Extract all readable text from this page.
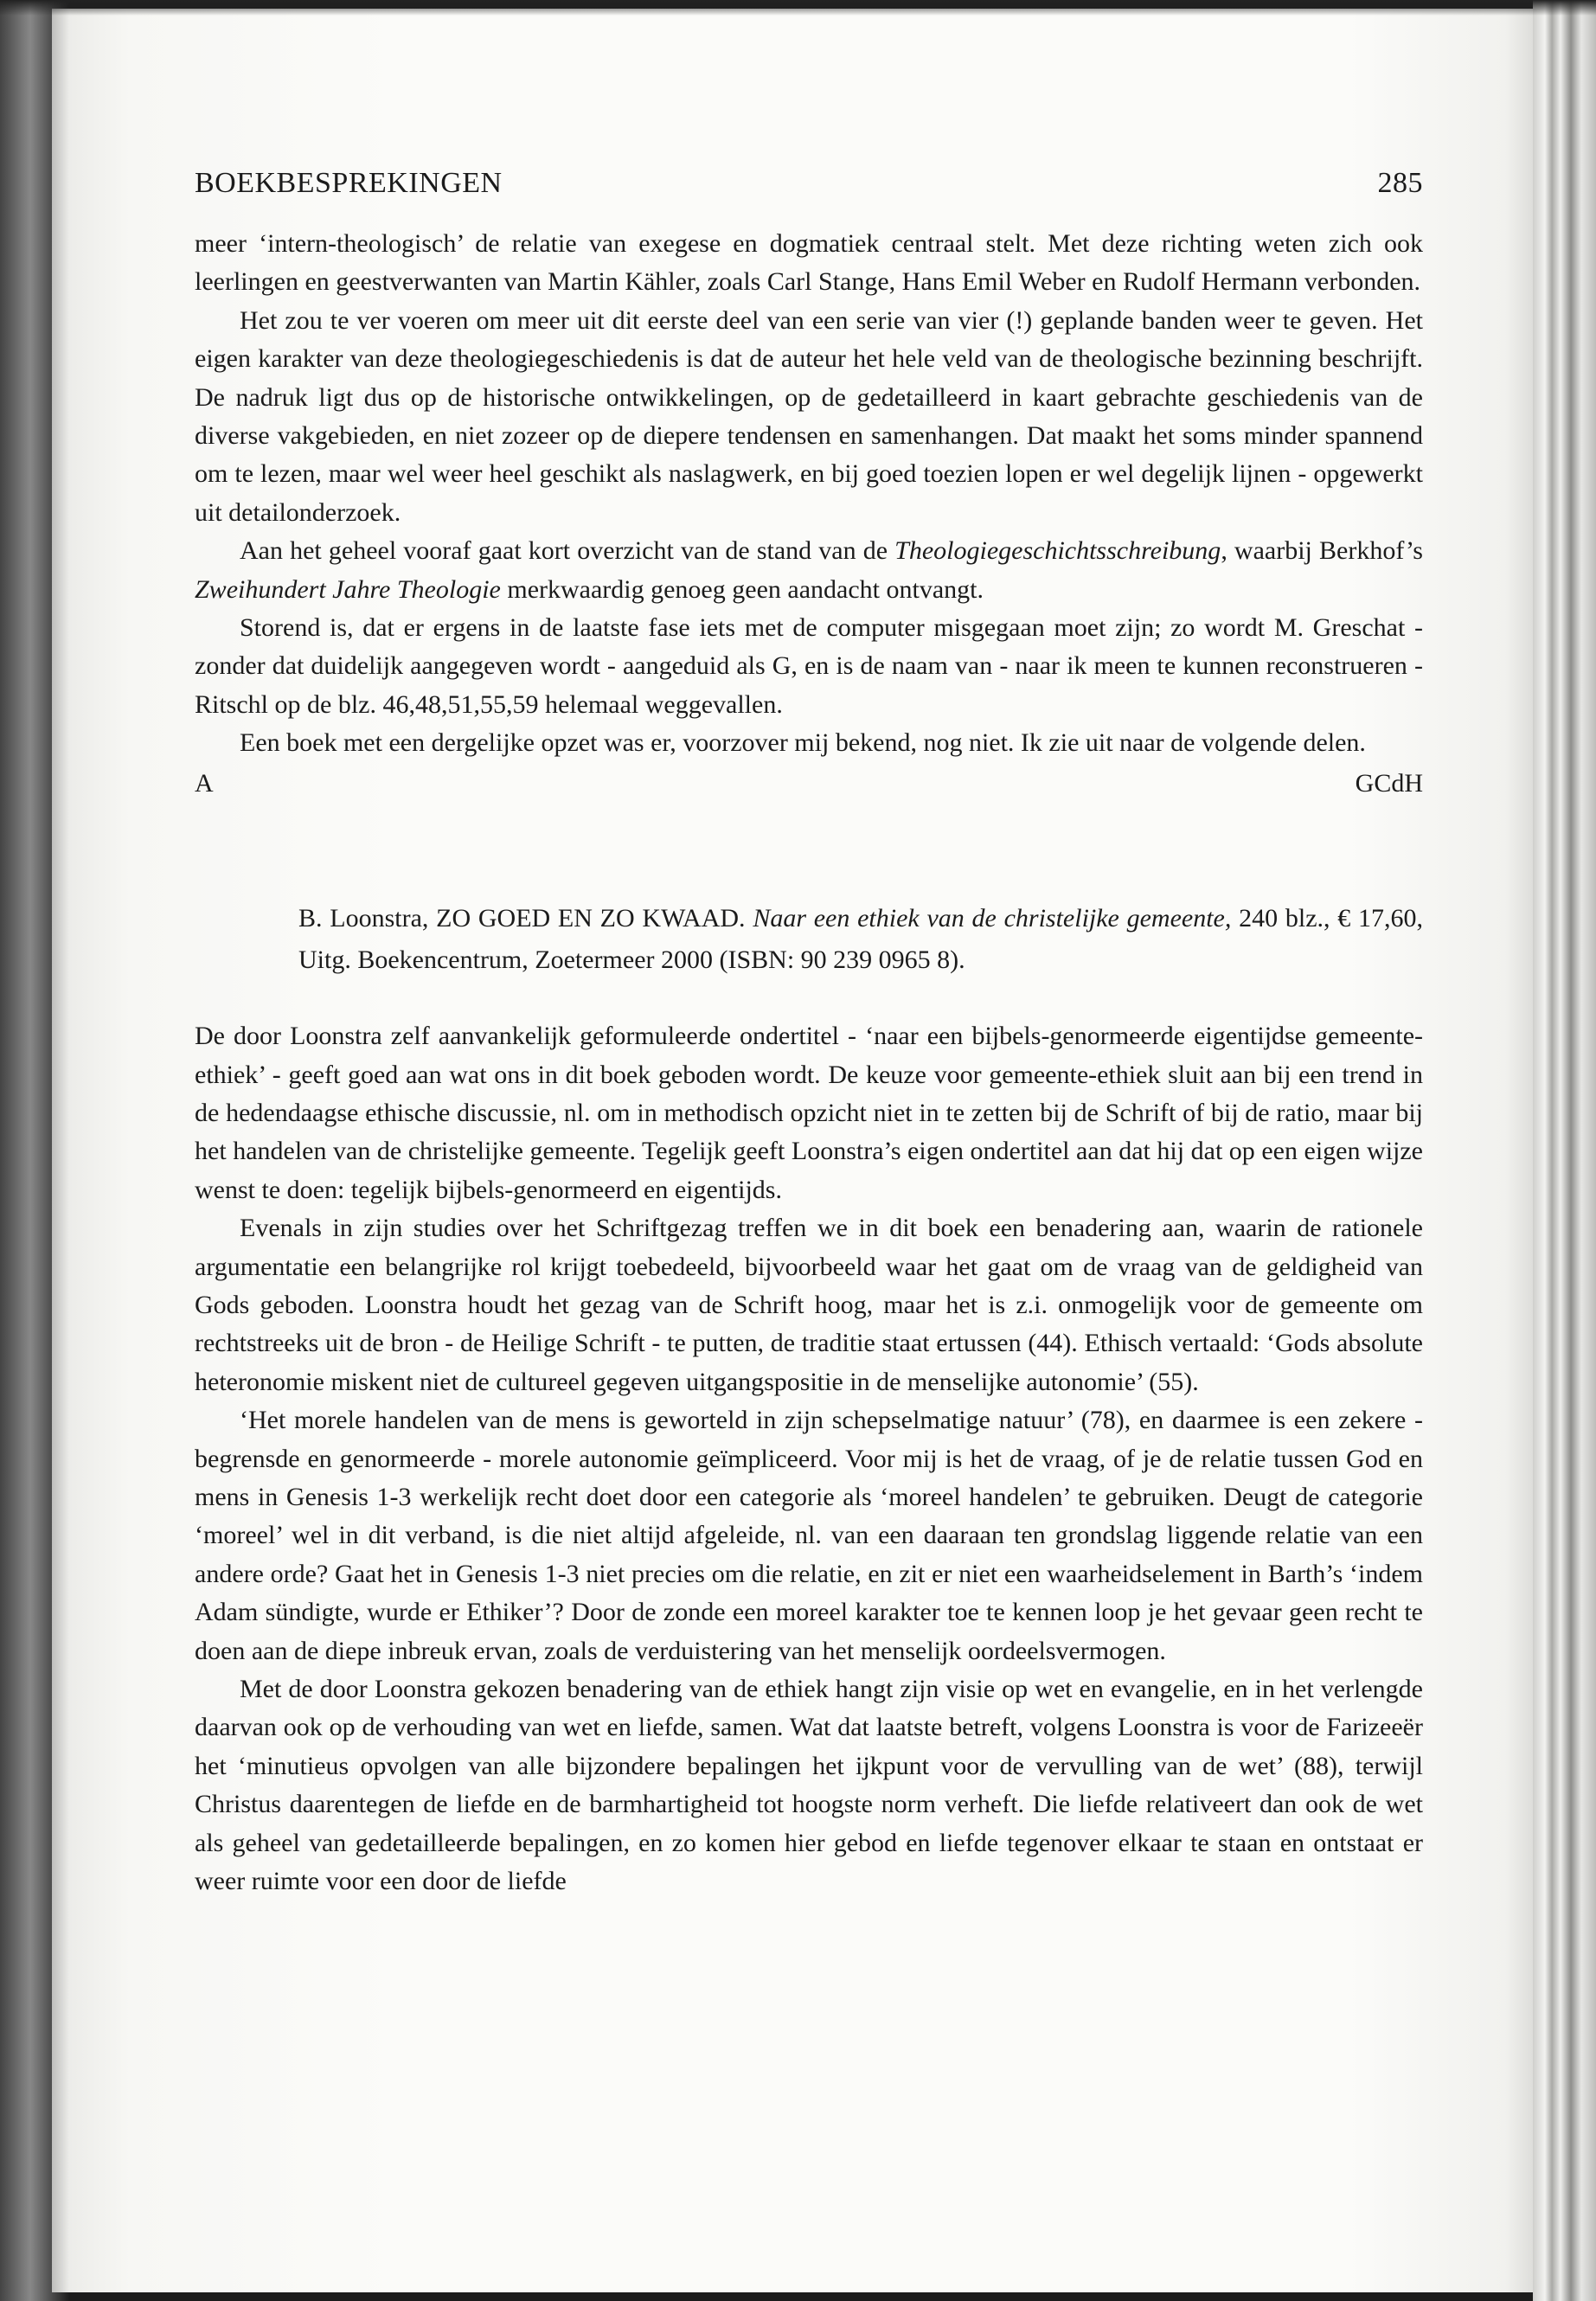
BOEKBESPREKINGEN	285

meer ‘intern-theologisch’ de relatie van exegese en dogmatiek centraal stelt. Met deze richting weten zich ook leerlingen en geestverwanten van Martin Kähler, zoals Carl Stange, Hans Emil Weber en Rudolf Hermann verbonden.

Het zou te ver voeren om meer uit dit eerste deel van een serie van vier (!) geplande banden weer te geven. Het eigen karakter van deze theologiegeschiedenis is dat de auteur het hele veld van de theologische bezinning beschrijft. De nadruk ligt dus op de historische ontwikkelingen, op de gedetailleerd in kaart gebrachte geschiedenis van de diverse vakgebieden, en niet zozeer op de diepere tendensen en samenhangen. Dat maakt het soms minder spannend om te lezen, maar wel weer heel geschikt als naslagwerk, en bij goed toezien lopen er wel degelijk lijnen - opgewerkt uit detailonderzoek.

Aan het geheel vooraf gaat kort overzicht van de stand van de Theologiegeschichtsschreibung, waarbij Berkhof’s Zweihundert Jahre Theologie merkwaardig genoeg geen aandacht ontvangt.

Storend is, dat er ergens in de laatste fase iets met de computer misgegaan moet zijn; zo wordt M. Greschat - zonder dat duidelijk aangegeven wordt - aangeduid als G, en is de naam van - naar ik meen te kunnen reconstrueren - Ritschl op de blz. 46,48,51,55,59 helemaal weggevallen.

Een boek met een dergelijke opzet was er, voorzover mij bekend, nog niet. Ik zie uit naar de volgende delen.

A	GCdH
B. Loonstra, ZO GOED EN ZO KWAAD. Naar een ethiek van de christelijke gemeente, 240 blz., € 17,60, Uitg. Boekencentrum, Zoetermeer 2000 (ISBN: 90 239 0965 8).

De door Loonstra zelf aanvankelijk geformuleerde ondertitel - ‘naar een bijbels-genormeerde eigentijdse gemeente-ethiek’ - geeft goed aan wat ons in dit boek geboden wordt. De keuze voor gemeente-ethiek sluit aan bij een trend in de hedendaagse ethische discussie, nl. om in methodisch opzicht niet in te zetten bij de Schrift of bij de ratio, maar bij het handelen van de christelijke gemeente. Tegelijk geeft Loonstra’s eigen ondertitel aan dat hij dat op een eigen wijze wenst te doen: tegelijk bijbels-genormeerd en eigentijds.

Evenals in zijn studies over het Schriftgezag treffen we in dit boek een benadering aan, waarin de rationele argumentatie een belangrijke rol krijgt toebedeeld, bijvoorbeeld waar het gaat om de vraag van de geldigheid van Gods geboden. Loonstra houdt het gezag van de Schrift hoog, maar het is z.i. onmogelijk voor de gemeente om rechtstreeks uit de bron - de Heilige Schrift - te putten, de traditie staat ertussen (44). Ethisch vertaald: ‘Gods absolute heteronomie miskent niet de cultureel gegeven uitgangspositie in de menselijke autonomie’ (55).

‘Het morele handelen van de mens is geworteld in zijn schepselmatige natuur’ (78), en daarmee is een zekere - begrensde en genormeerde - morele autonomie geïmpliceerd. Voor mij is het de vraag, of je de relatie tussen God en mens in Genesis 1-3 werkelijk recht doet door een categorie als ‘moreel handelen’ te gebruiken. Deugt de categorie ‘moreel’ wel in dit verband, is die niet altijd afgeleide, nl. van een daaraan ten grondslag liggende relatie van een andere orde? Gaat het in Genesis 1-3 niet precies om die relatie, en zit er niet een waarheidselement in Barth’s ‘indem Adam sündigte, wurde er Ethiker’? Door de zonde een moreel karakter toe te kennen loop je het gevaar geen recht te doen aan de diepe inbreuk ervan, zoals de verduistering van het menselijk oordeelsvermogen.

Met de door Loonstra gekozen benadering van de ethiek hangt zijn visie op wet en evangelie, en in het verlengde daarvan ook op de verhouding van wet en liefde, samen. Wat dat laatste betreft, volgens Loonstra is voor de Farizeeër het ‘minutieus opvolgen van alle bijzondere bepalingen het ijkpunt voor de vervulling van de wet’ (88), terwijl Christus daarentegen de liefde en de barmhartigheid tot hoogste norm verheft. Die liefde relativeert dan ook de wet als geheel van gedetailleerde bepalingen, en zo komen hier gebod en liefde tegenover elkaar te staan en ontstaat er weer ruimte voor een door de liefde
